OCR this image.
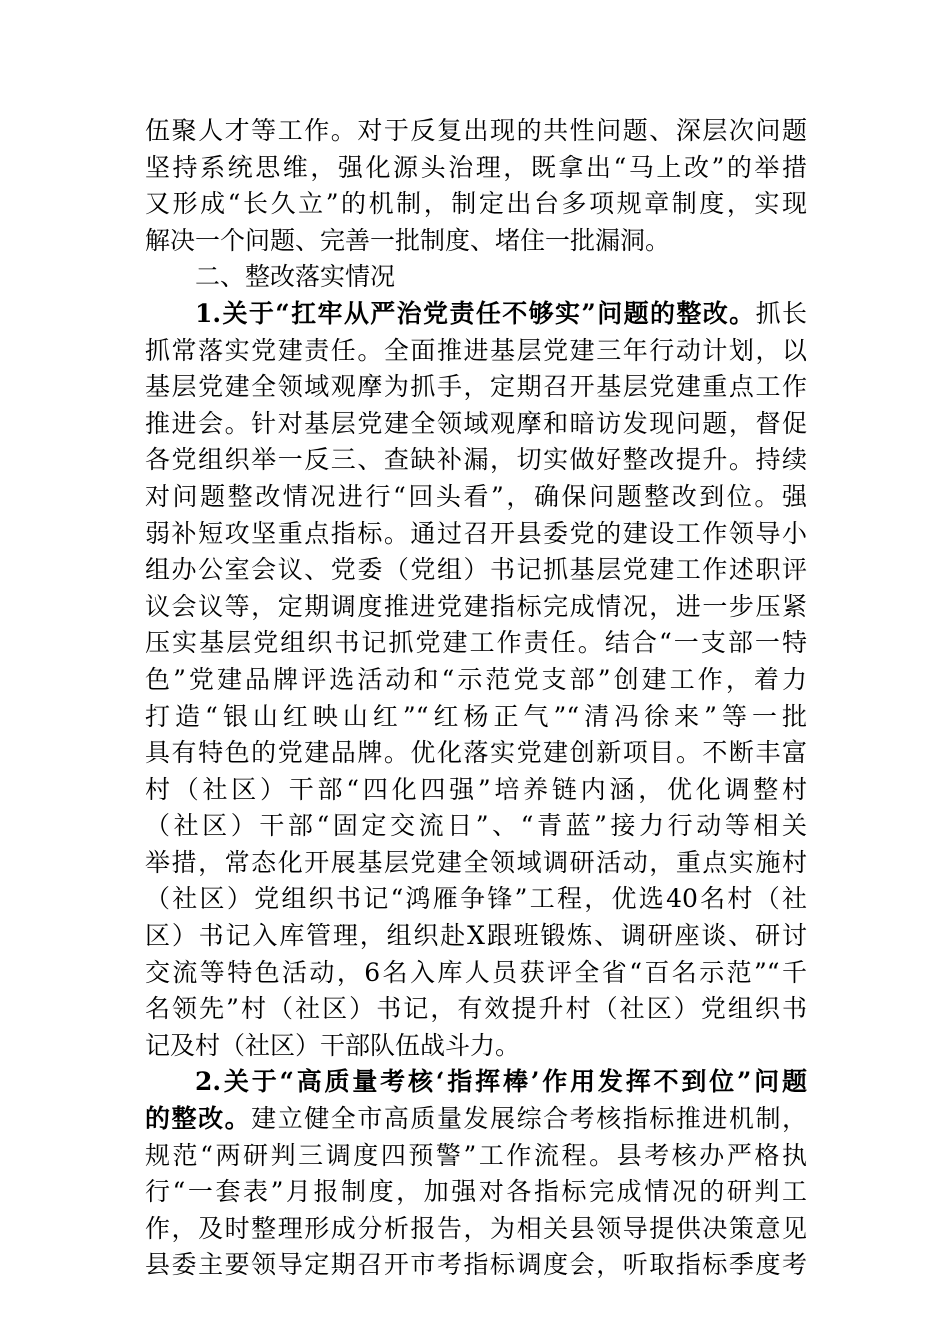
伍聚人才等工作。对于反复出现的共性问题、深层次问题
坚持系统思维，强化源头治理，既拿出“马上改”的举措
又形成“长久立”的机制，制定出台多项规章制度，实现
解决一个问题、完善一批制度、堵住一批漏洞。
二、整改落实情况
1.关于“扛牢从严治党责任不够实”问题的整改。抓长
抓常落实党建责任。全面推进基层党建三年行动计划，以
基层党建全领域观摩为抓手，定期召开基层党建重点工作
推进会。针对基层党建全领域观摩和暗访发现问题，督促
各党组织举一反三、查缺补漏，切实做好整改提升。持续
对问题整改情况进行“回头看”，确保问题整改到位。强
弱补短攻坚重点指标。通过召开县委党的建设工作领导小
组办公室会议、党委（党组）书记抓基层党建工作述职评
议会议等，定期调度推进党建指标完成情况，进一步压紧
压实基层党组织书记抓党建工作责任。结合“一支部一特
色”党建品牌评选活动和“示范党支部”创建工作，着力
打造“银山红映山红”“红杨正气”“清冯徐来”等一批
具有特色的党建品牌。优化落实党建创新项目。不断丰富
村（社区）干部“四化四强”培养链内涵，优化调整村
（社区）干部“固定交流日”、“青蓝”接力行动等相关
举措，常态化开展基层党建全领域调研活动，重点实施村
（社区）党组织书记“鸿雁争锋”工程，优选40名村（社
区）书记入库管理，组织赴X跟班锻炼、调研座谈、研讨
交流等特色活动，6名入库人员获评全省“百名示范”“千
名领先”村（社区）书记，有效提升村（社区）党组织书
记及村（社区）干部队伍战斗力。
2.关于“高质量考核‘指挥棒’作用发挥不到位”问题
的整改。建立健全市高质量发展综合考核指标推进机制，
规范“两研判三调度四预警”工作流程。县考核办严格执
行“一套表”月报制度，加强对各指标完成情况的研判工
作，及时整理形成分析报告，为相关县领导提供决策意见
县委主要领导定期召开市考指标调度会，听取指标季度考
